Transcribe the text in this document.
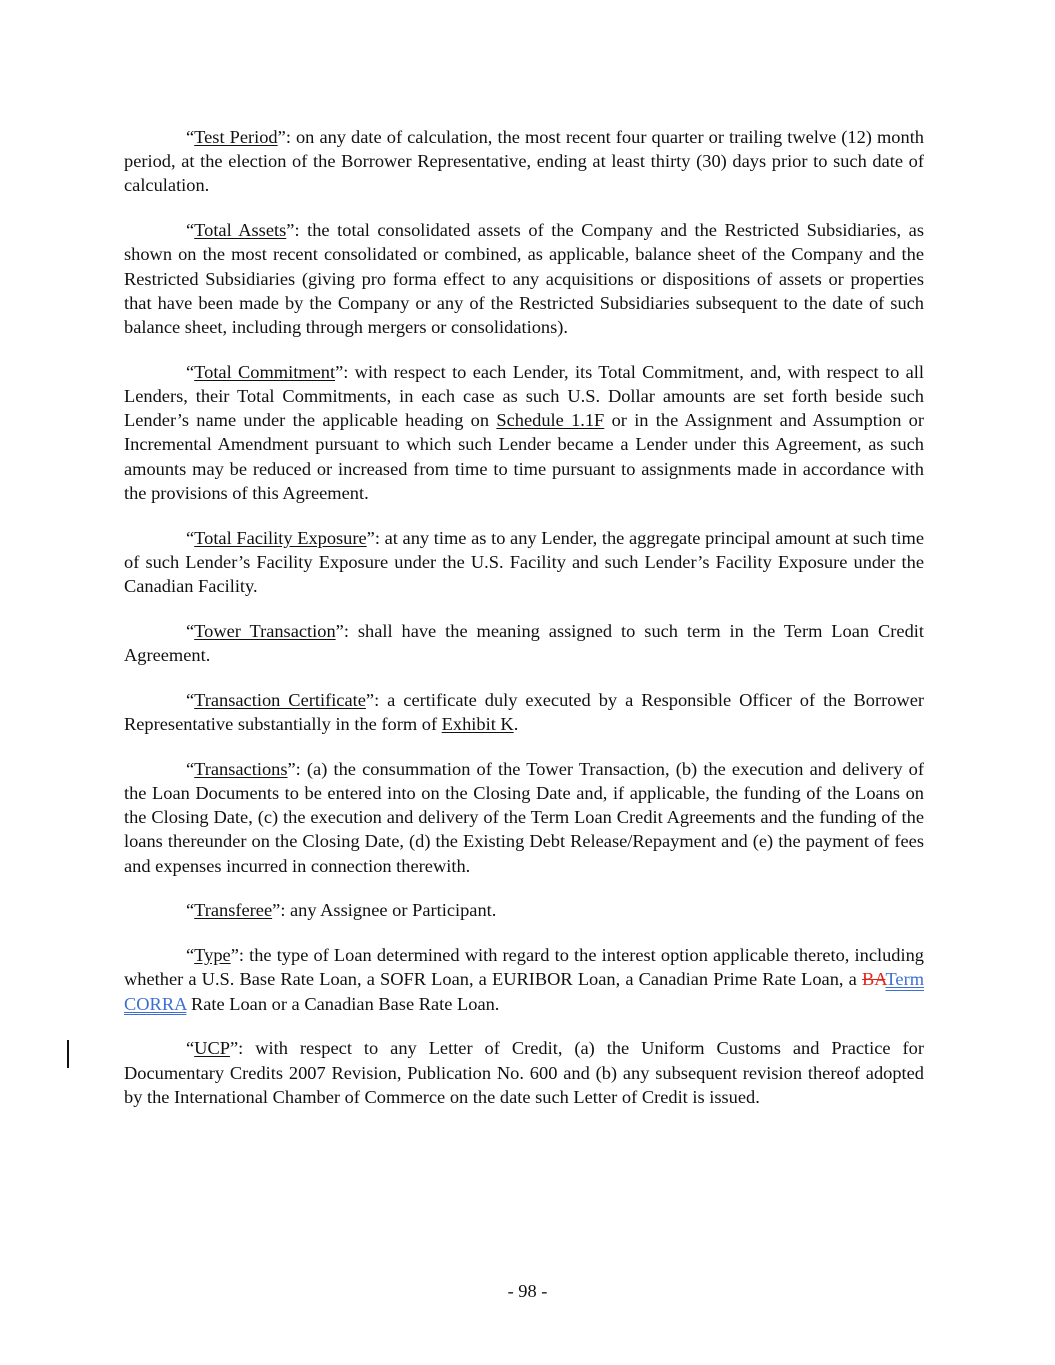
“Test Period”: on any date of calculation, the most recent four quarter or trailing twelve (12) month period, at the election of the Borrower Representative, ending at least thirty (30) days prior to such date of calculation.

“Total Assets”: the total consolidated assets of the Company and the Restricted Subsidiaries, as shown on the most recent consolidated or combined, as applicable, balance sheet of the Company and the Restricted Subsidiaries (giving pro forma effect to any acquisitions or dispositions of assets or properties that have been made by the Company or any of the Restricted Subsidiaries subsequent to the date of such balance sheet, including through mergers or consolidations).

“Total Commitment”: with respect to each Lender, its Total Commitment, and, with respect to all Lenders, their Total Commitments, in each case as such U.S. Dollar amounts are set forth beside such Lender’s name under the applicable heading on Schedule 1.1F or in the Assignment and Assumption or Incremental Amendment pursuant to which such Lender became a Lender under this Agreement, as such amounts may be reduced or increased from time to time pursuant to assignments made in accordance with the provisions of this Agreement.

“Total Facility Exposure”: at any time as to any Lender, the aggregate principal amount at such time of such Lender’s Facility Exposure under the U.S. Facility and such Lender’s Facility Exposure under the Canadian Facility.

“Tower Transaction”: shall have the meaning assigned to such term in the Term Loan Credit Agreement.

“Transaction Certificate”: a certificate duly executed by a Responsible Officer of the Borrower Representative substantially in the form of Exhibit K.

“Transactions”: (a) the consummation of the Tower Transaction, (b) the execution and delivery of the Loan Documents to be entered into on the Closing Date and, if applicable, the funding of the Loans on the Closing Date, (c) the execution and delivery of the Term Loan Credit Agreements and the funding of the loans thereunder on the Closing Date, (d) the Existing Debt Release/Repayment and (e) the payment of fees and expenses incurred in connection therewith.

“Transferee”: any Assignee or Participant.

“Type”: the type of Loan determined with regard to the interest option applicable thereto, including whether a U.S. Base Rate Loan, a SOFR Loan, a EURIBOR Loan, a Canadian Prime Rate Loan, a BATerm CORRA Rate Loan or a Canadian Base Rate Loan.

“UCP”: with respect to any Letter of Credit, (a) the Uniform Customs and Practice for Documentary Credits 2007 Revision, Publication No. 600 and (b) any subsequent revision thereof adopted by the International Chamber of Commerce on the date such Letter of Credit is issued.

- 98 -
